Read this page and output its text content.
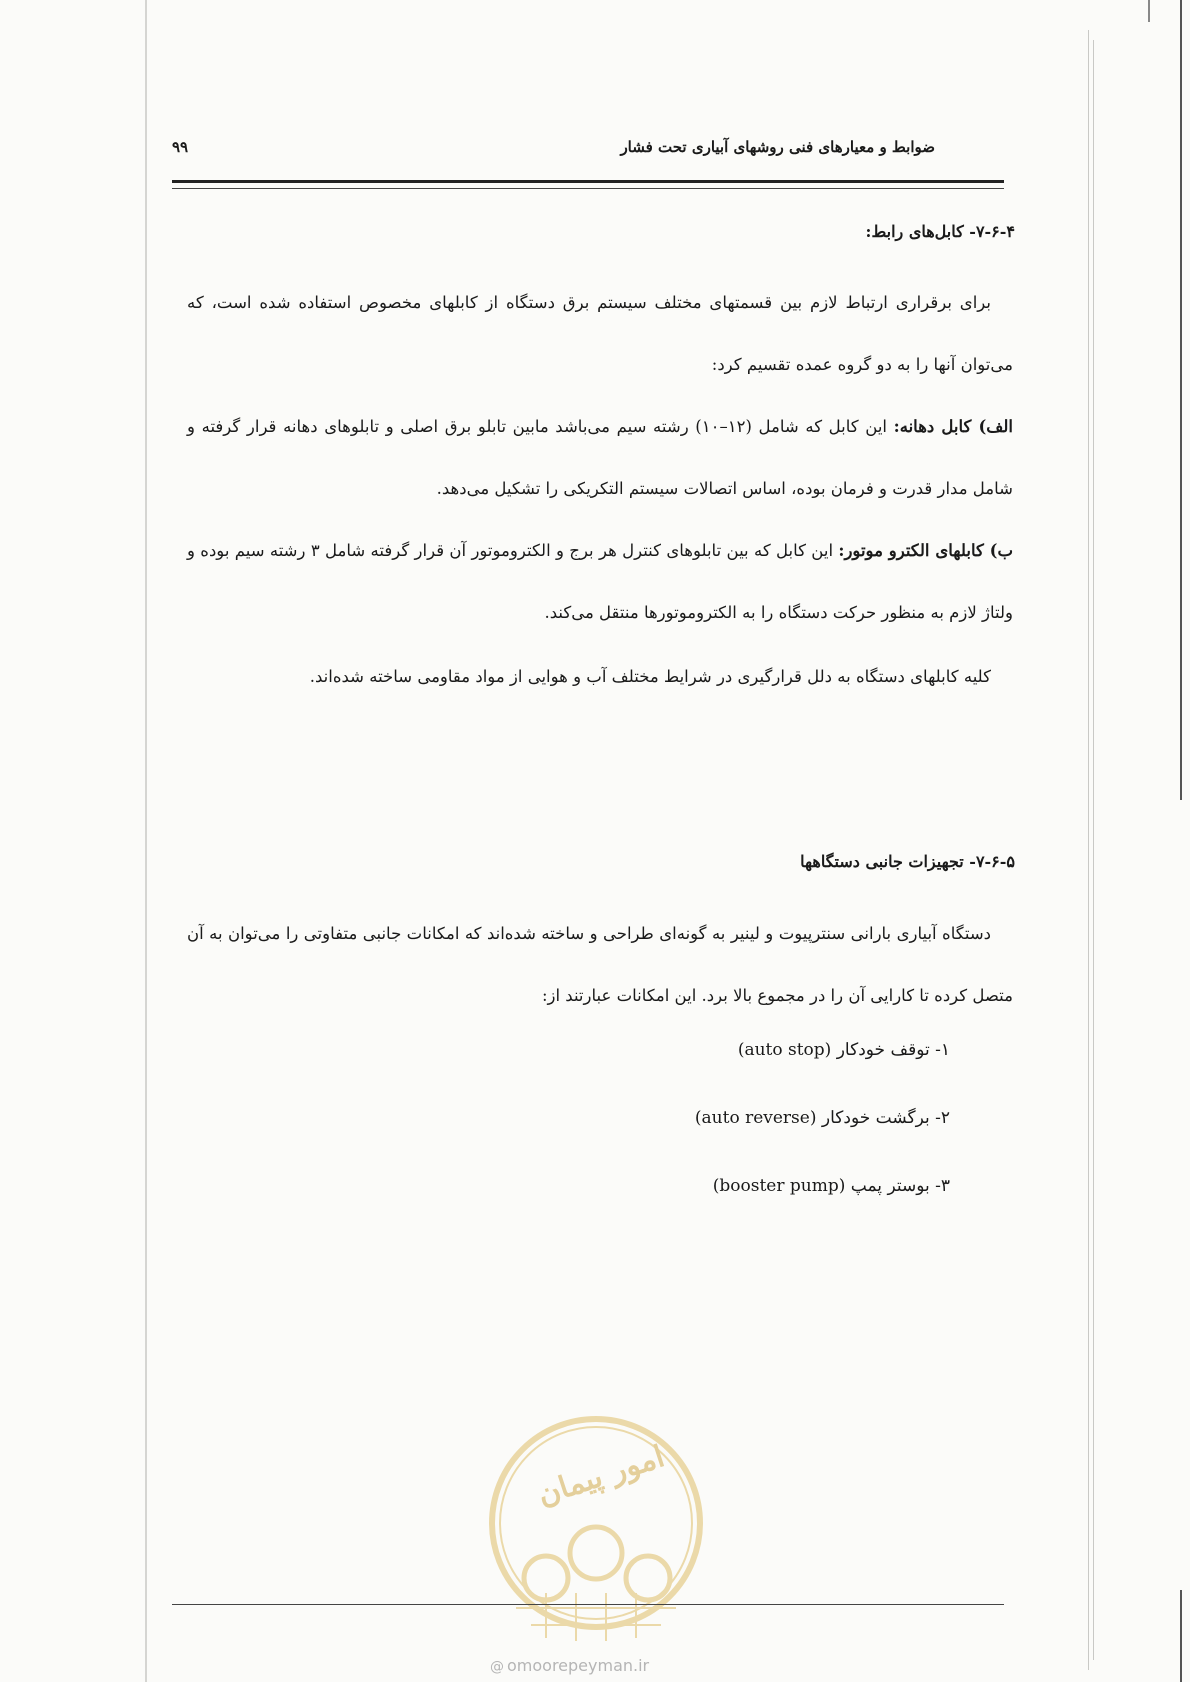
ضوابط و معیارهای فنی روشهای آبیاری تحت فشار
۹۹
۷-۶-۴- کابل‌های رابط:
برای برقراری ارتباط لازم بین قسمتهای مختلف سیستم برق دستگاه از کابلهای مخصوص استفاده شده است، که می‌توان آنها را به دو گروه عمده تقسیم کرد:
الف) کابل دهانه: این کابل که شامل (۱۲–۱۰) رشته سیم می‌باشد مابین تابلو برق اصلی و تابلوهای دهانه قرار گرفته و شامل مدار قدرت و فرمان بوده، اساس اتصالات سیستم التکریکی را تشکیل می‌دهد.
ب) کابلهای الکترو موتور: این کابل که بین تابلوهای کنترل هر برج و الکتروموتور آن قرار گرفته شامل ۳ رشته سیم بوده و ولتاژ لازم به منظور حرکت دستگاه را به الکتروموتورها منتقل می‌کند.
کلیه کابلهای دستگاه به دلل قرارگیری در شرایط مختلف آب و هوایی از مواد مقاومی ساخته شده‌اند.
۷-۶-۵- تجهیزات جانبی دستگاهها
دستگاه آبیاری بارانی سنترپیوت و لینیر به گونه‌ای طراحی و ساخته شده‌اند که امکانات جانبی متفاوتی را می‌توان به آن متصل کرده تا کارایی آن را در مجموع بالا برد. این امکانات عبارتند از:
۱- توقف خودکار (auto stop)
۲- برگشت خودکار (auto reverse)
۳- بوستر پمپ (booster pump)
امور پیمان
@ omoorepeyman.ir
